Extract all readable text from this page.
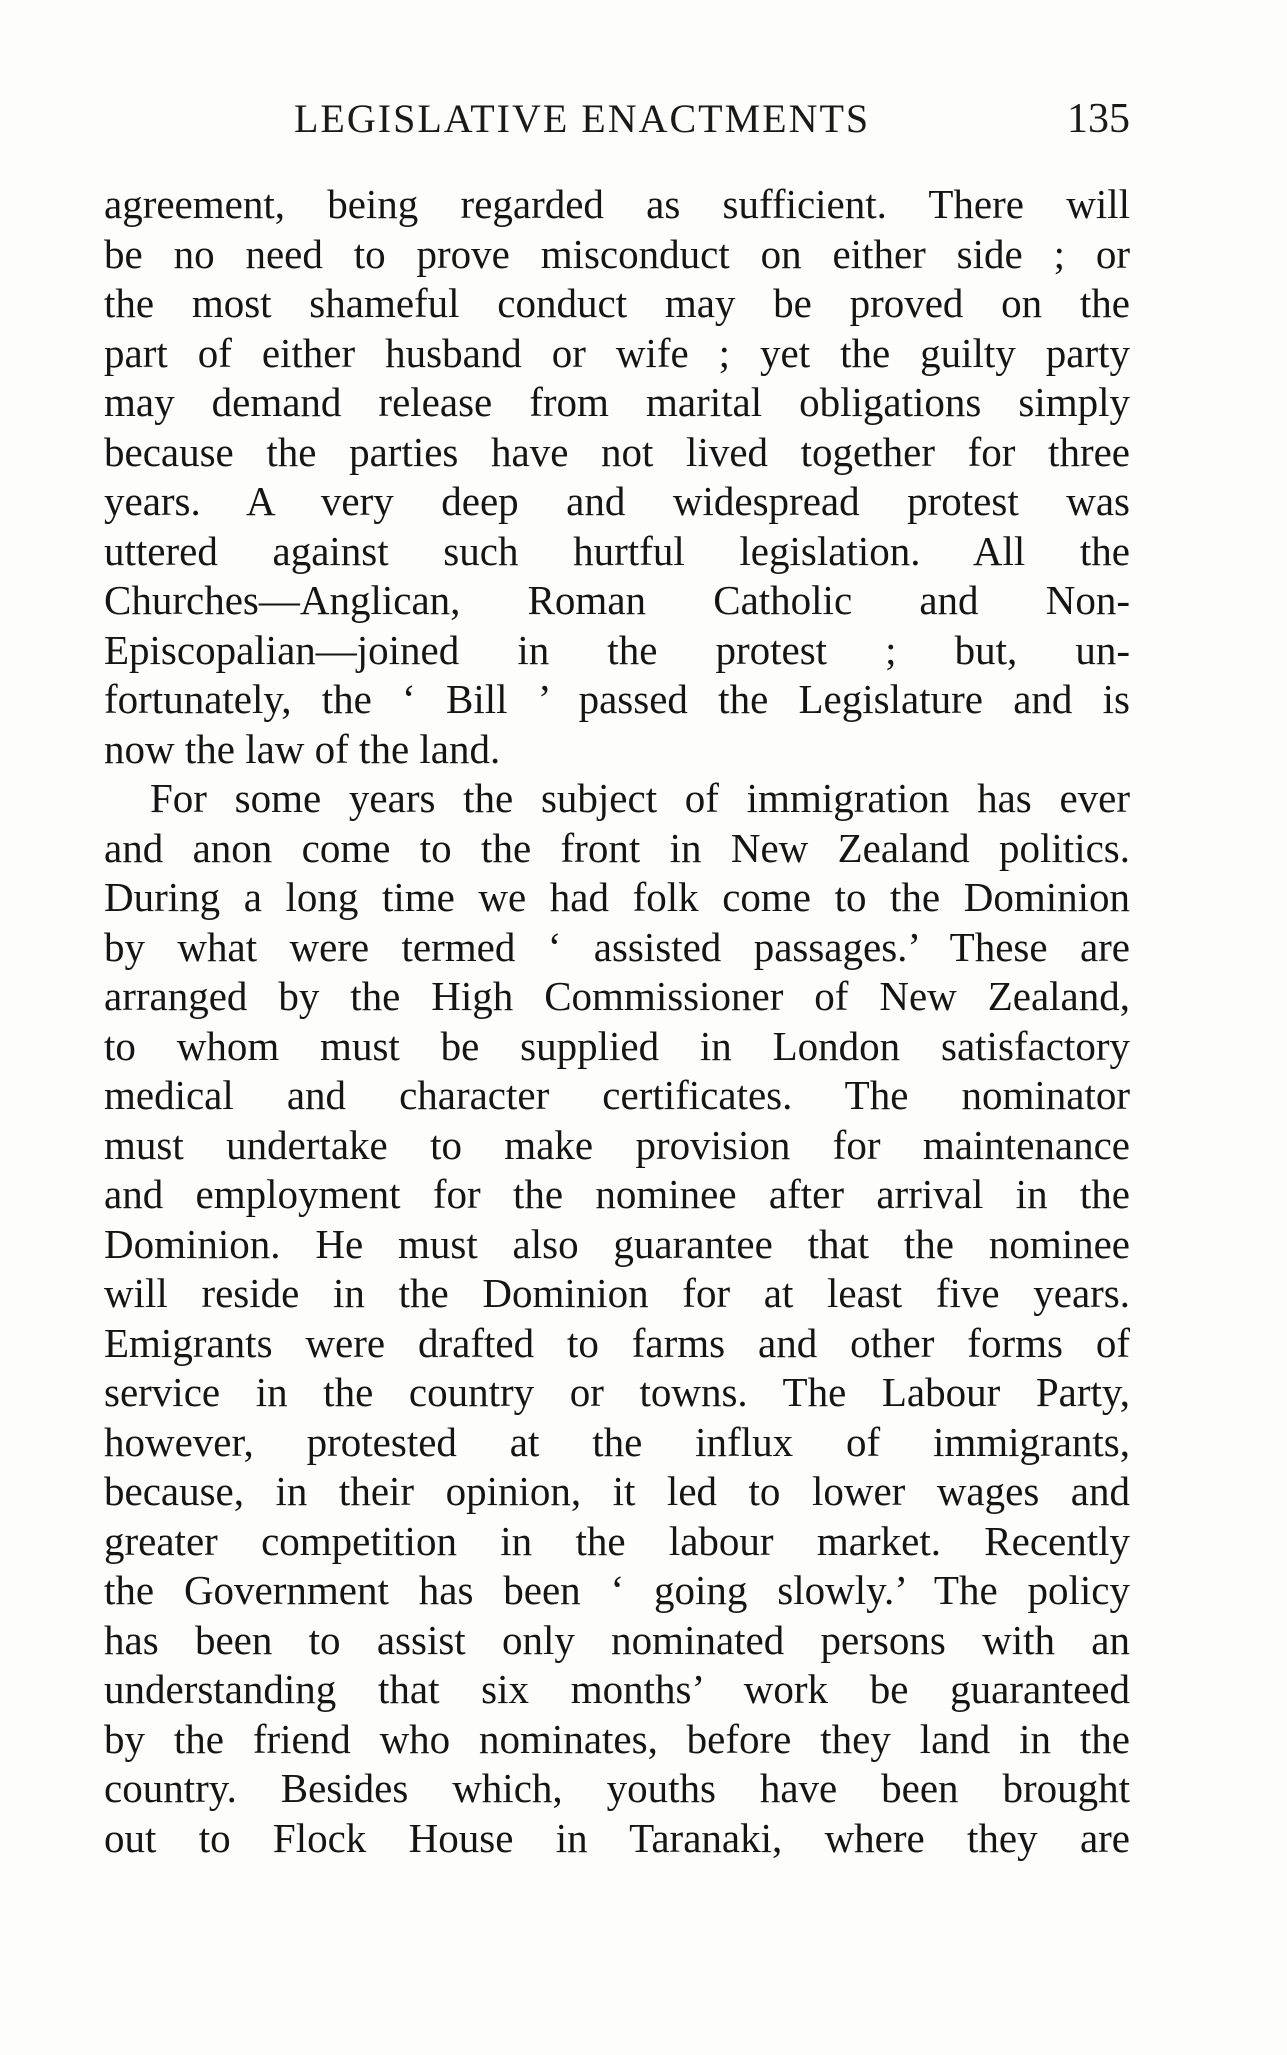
LEGISLATIVE ENACTMENTS	135
agreement, being regarded as sufficient. There will
be no need to prove misconduct on either side ; or
the most shameful conduct may be proved on the
part of either husband or wife ; yet the guilty party
may demand release from marital obligations simply
because the parties have not lived together for three
years. A very deep and widespread protest was
uttered against such hurtful legislation. All the
Churches—Anglican, Roman Catholic and Non-
Episcopalian—joined in the protest ; but, un-
fortunately, the ‘ Bill ’ passed the Legislature and is
now the law of the land.
For some years the subject of immigration has ever
and anon come to the front in New Zealand politics.
During a long time we had folk come to the Dominion
by what were termed ‘ assisted passages.’ These are
arranged by the High Commissioner of New Zealand,
to whom must be supplied in London satisfactory
medical and character certificates. The nominator
must undertake to make provision for maintenance
and employment for the nominee after arrival in the
Dominion. He must also guarantee that the nominee
will reside in the Dominion for at least five years.
Emigrants were drafted to farms and other forms of
service in the country or towns. The Labour Party,
however, protested at the influx of immigrants,
because, in their opinion, it led to lower wages and
greater competition in the labour market. Recently
the Government has been ‘ going slowly.’ The policy
has been to assist only nominated persons with an
understanding that six months’ work be guaranteed
by the friend who nominates, before they land in the
country. Besides which, youths have been brought
out to Flock House in Taranaki, where they are
